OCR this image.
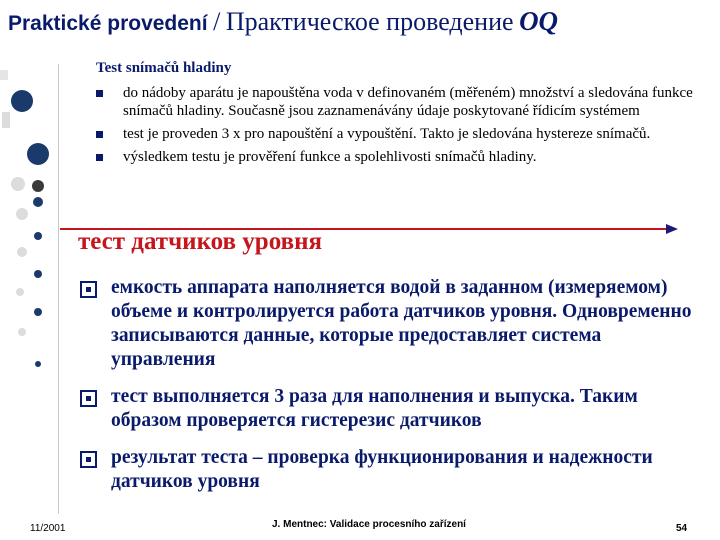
Praktické provedení / Практическое проведение OQ
Test snímačů hladiny
do nádoby aparátu je napouštěna voda v definovaném (měřeném) množství a sledována funkce snímačů hladiny. Současně jsou zaznamenávány údaje poskytované řídicím systémem
test je proveden 3 x pro napouštění a vypouštění. Takto je sledována hystereze snímačů.
výsledkem testu je prověření funkce a spolehlivosti snímačů hladiny.
тест датчиков уровня
емкость аппарата наполняется водой в заданном (измеряемом) объеме и контролируется работа датчиков уровня. Одновременно записываются данные, которые предоставляет система управления
тест выполняется 3 раза для наполнения и выпуска. Таким образом проверяется гистерезис датчиков
результат теста – проверка функционирования и надежности датчиков уровня
11/2001	J. Mentnec: Validace procesního zařízení	54
